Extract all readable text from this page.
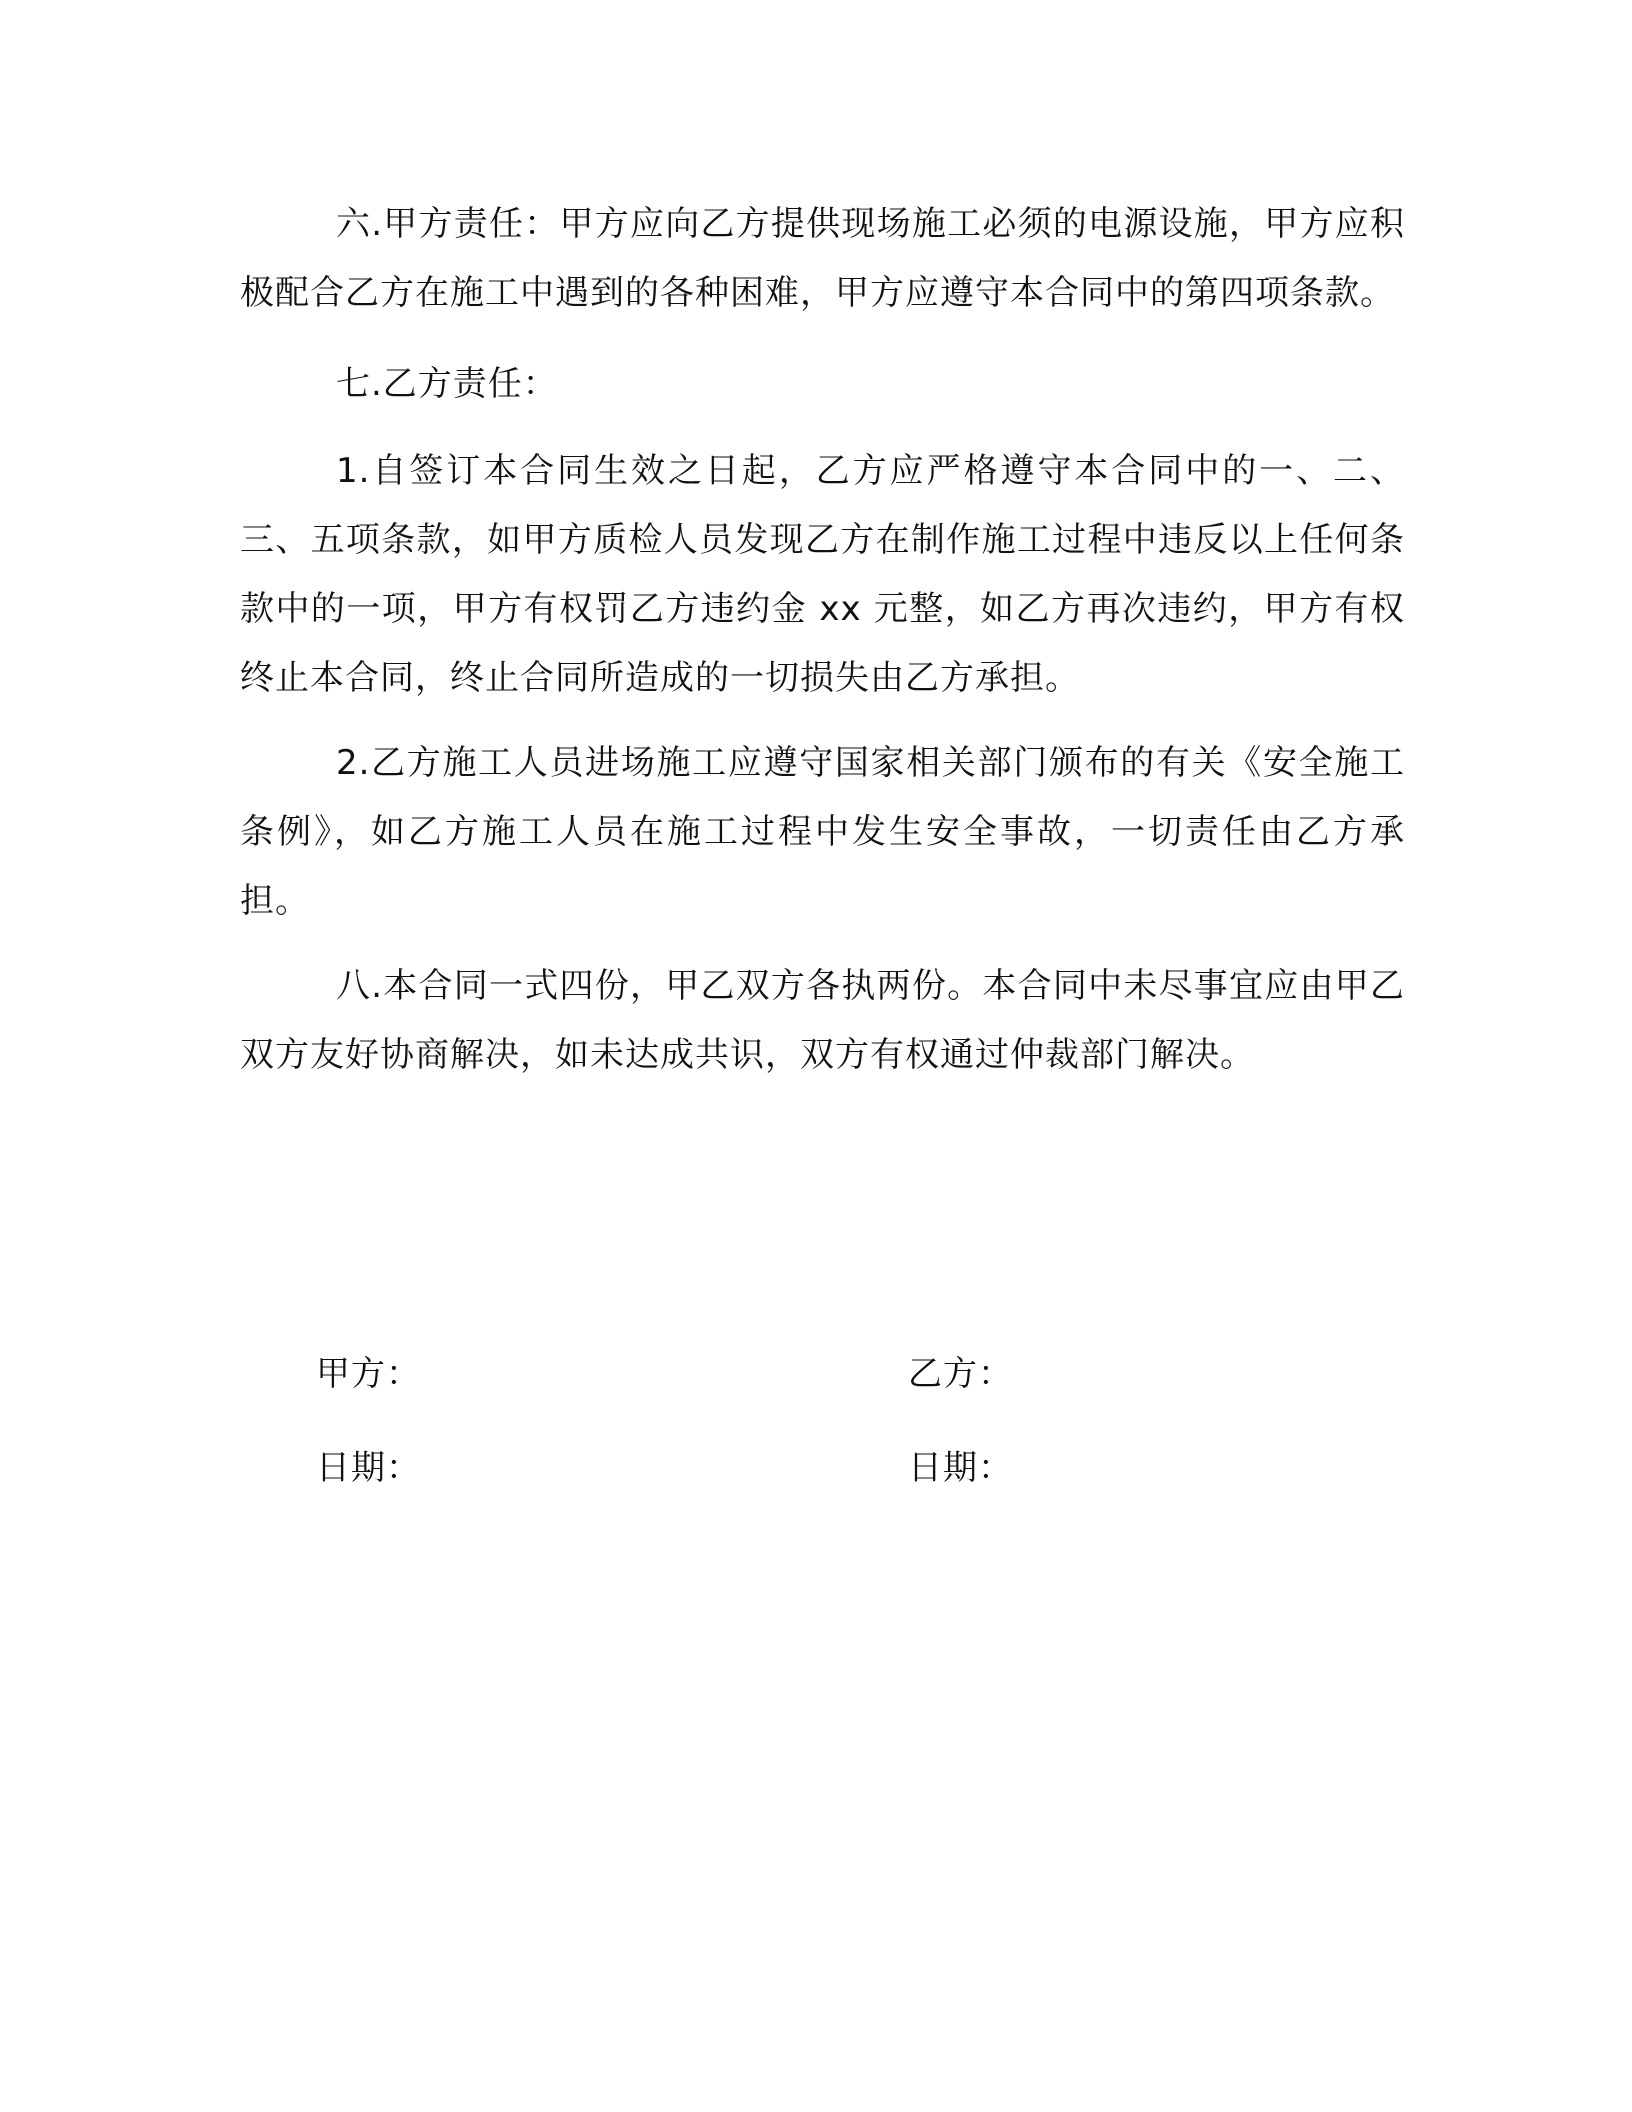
六.甲方责任：甲方应向乙方提供现场施工必须的电源设施，甲方应积极配合乙方在施工中遇到的各种困难，甲方应遵守本合同中的第四项条款。

七.乙方责任：

1.自签订本合同生效之日起，乙方应严格遵守本合同中的一、二、三、五项条款，如甲方质检人员发现乙方在制作施工过程中违反以上任何条款中的一项，甲方有权罚乙方违约金 xx 元整，如乙方再次违约，甲方有权终止本合同，终止合同所造成的一切损失由乙方承担。

2.乙方施工人员进场施工应遵守国家相关部门颁布的有关《安全施工条例》，如乙方施工人员在施工过程中发生安全事故，一切责任由乙方承担。

八.本合同一式四份，甲乙双方各执两份。本合同中未尽事宜应由甲乙双方友好协商解决，如未达成共识，双方有权通过仲裁部门解决。

甲方：	乙方：
日期：	日期：
